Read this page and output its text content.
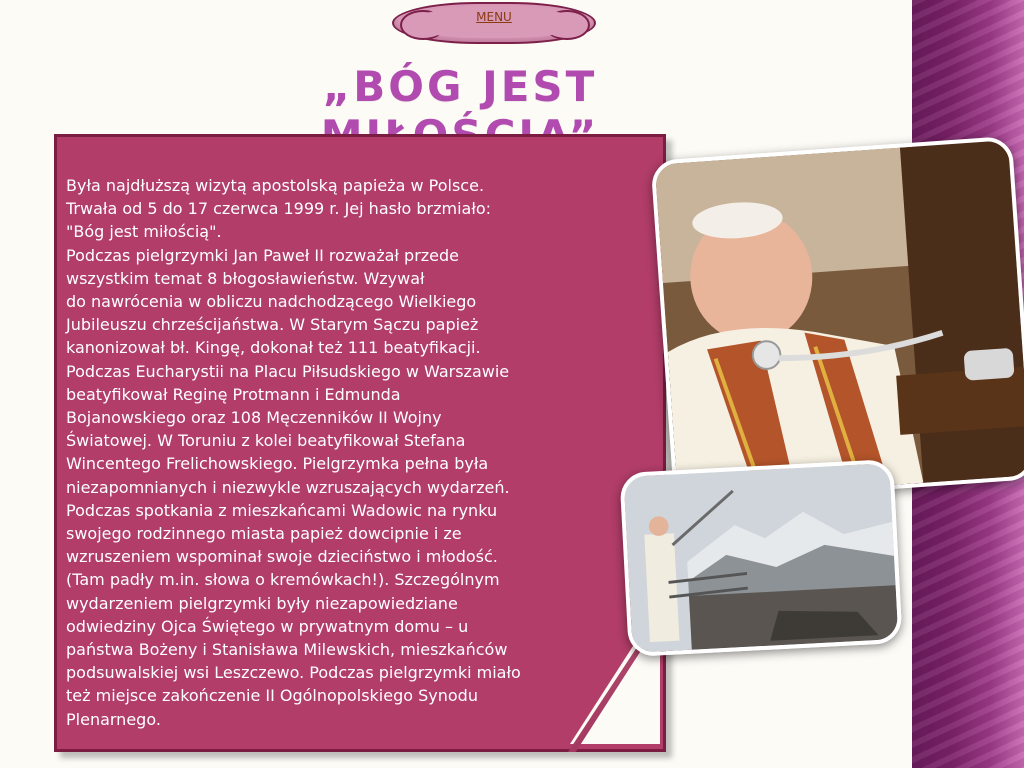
MENU
„BÓG JEST
Była najdłuższą wizytą apostolską papieża w Polsce.
Trwała od 5 do 17 czerwca 1999 r. Jej hasło brzmiało:
"Bóg jest miłością".
Podczas pielgrzymki Jan Paweł II rozważał przede
wszystkim temat 8 błogosławieństw. Wzywał
do nawrócenia w obliczu nadchodzącego Wielkiego
Jubileuszu chrześcijaństwa. W Starym Sączu papież
kanonizował bł. Kingę, dokonał też 111 beatyfikacji.
Podczas Eucharystii na Placu Piłsudskiego w Warszawie
beatyfikował Reginę Protmann i Edmunda
Bojanowskiego oraz 108 Męczenników II Wojny
Światowej. W Toruniu z kolei beatyfikował Stefana
Wincentego Frelichowskiego. Pielgrzymka pełna była
niezapomnianych i niezwykle wzruszających wydarzeń.
Podczas spotkania z mieszkańcami Wadowic na rynku
swojego rodzinnego miasta papież dowcipnie i ze
wzruszeniem wspominał swoje dzieciństwo i młodość.
(Tam padły m.in. słowa o kremówkach!). Szczególnym
wydarzeniem pielgrzymki były niezapowiedziane
odwiedziny Ojca Świętego w prywatnym domu – u
państwa Bożeny i Stanisława Milewskich, mieszkańców
podsuwalskiej wsi Leszczewo. Podczas pielgrzymki miało
też miejsce zakończenie II Ogólnopolskiego Synodu
Plenarnego.
